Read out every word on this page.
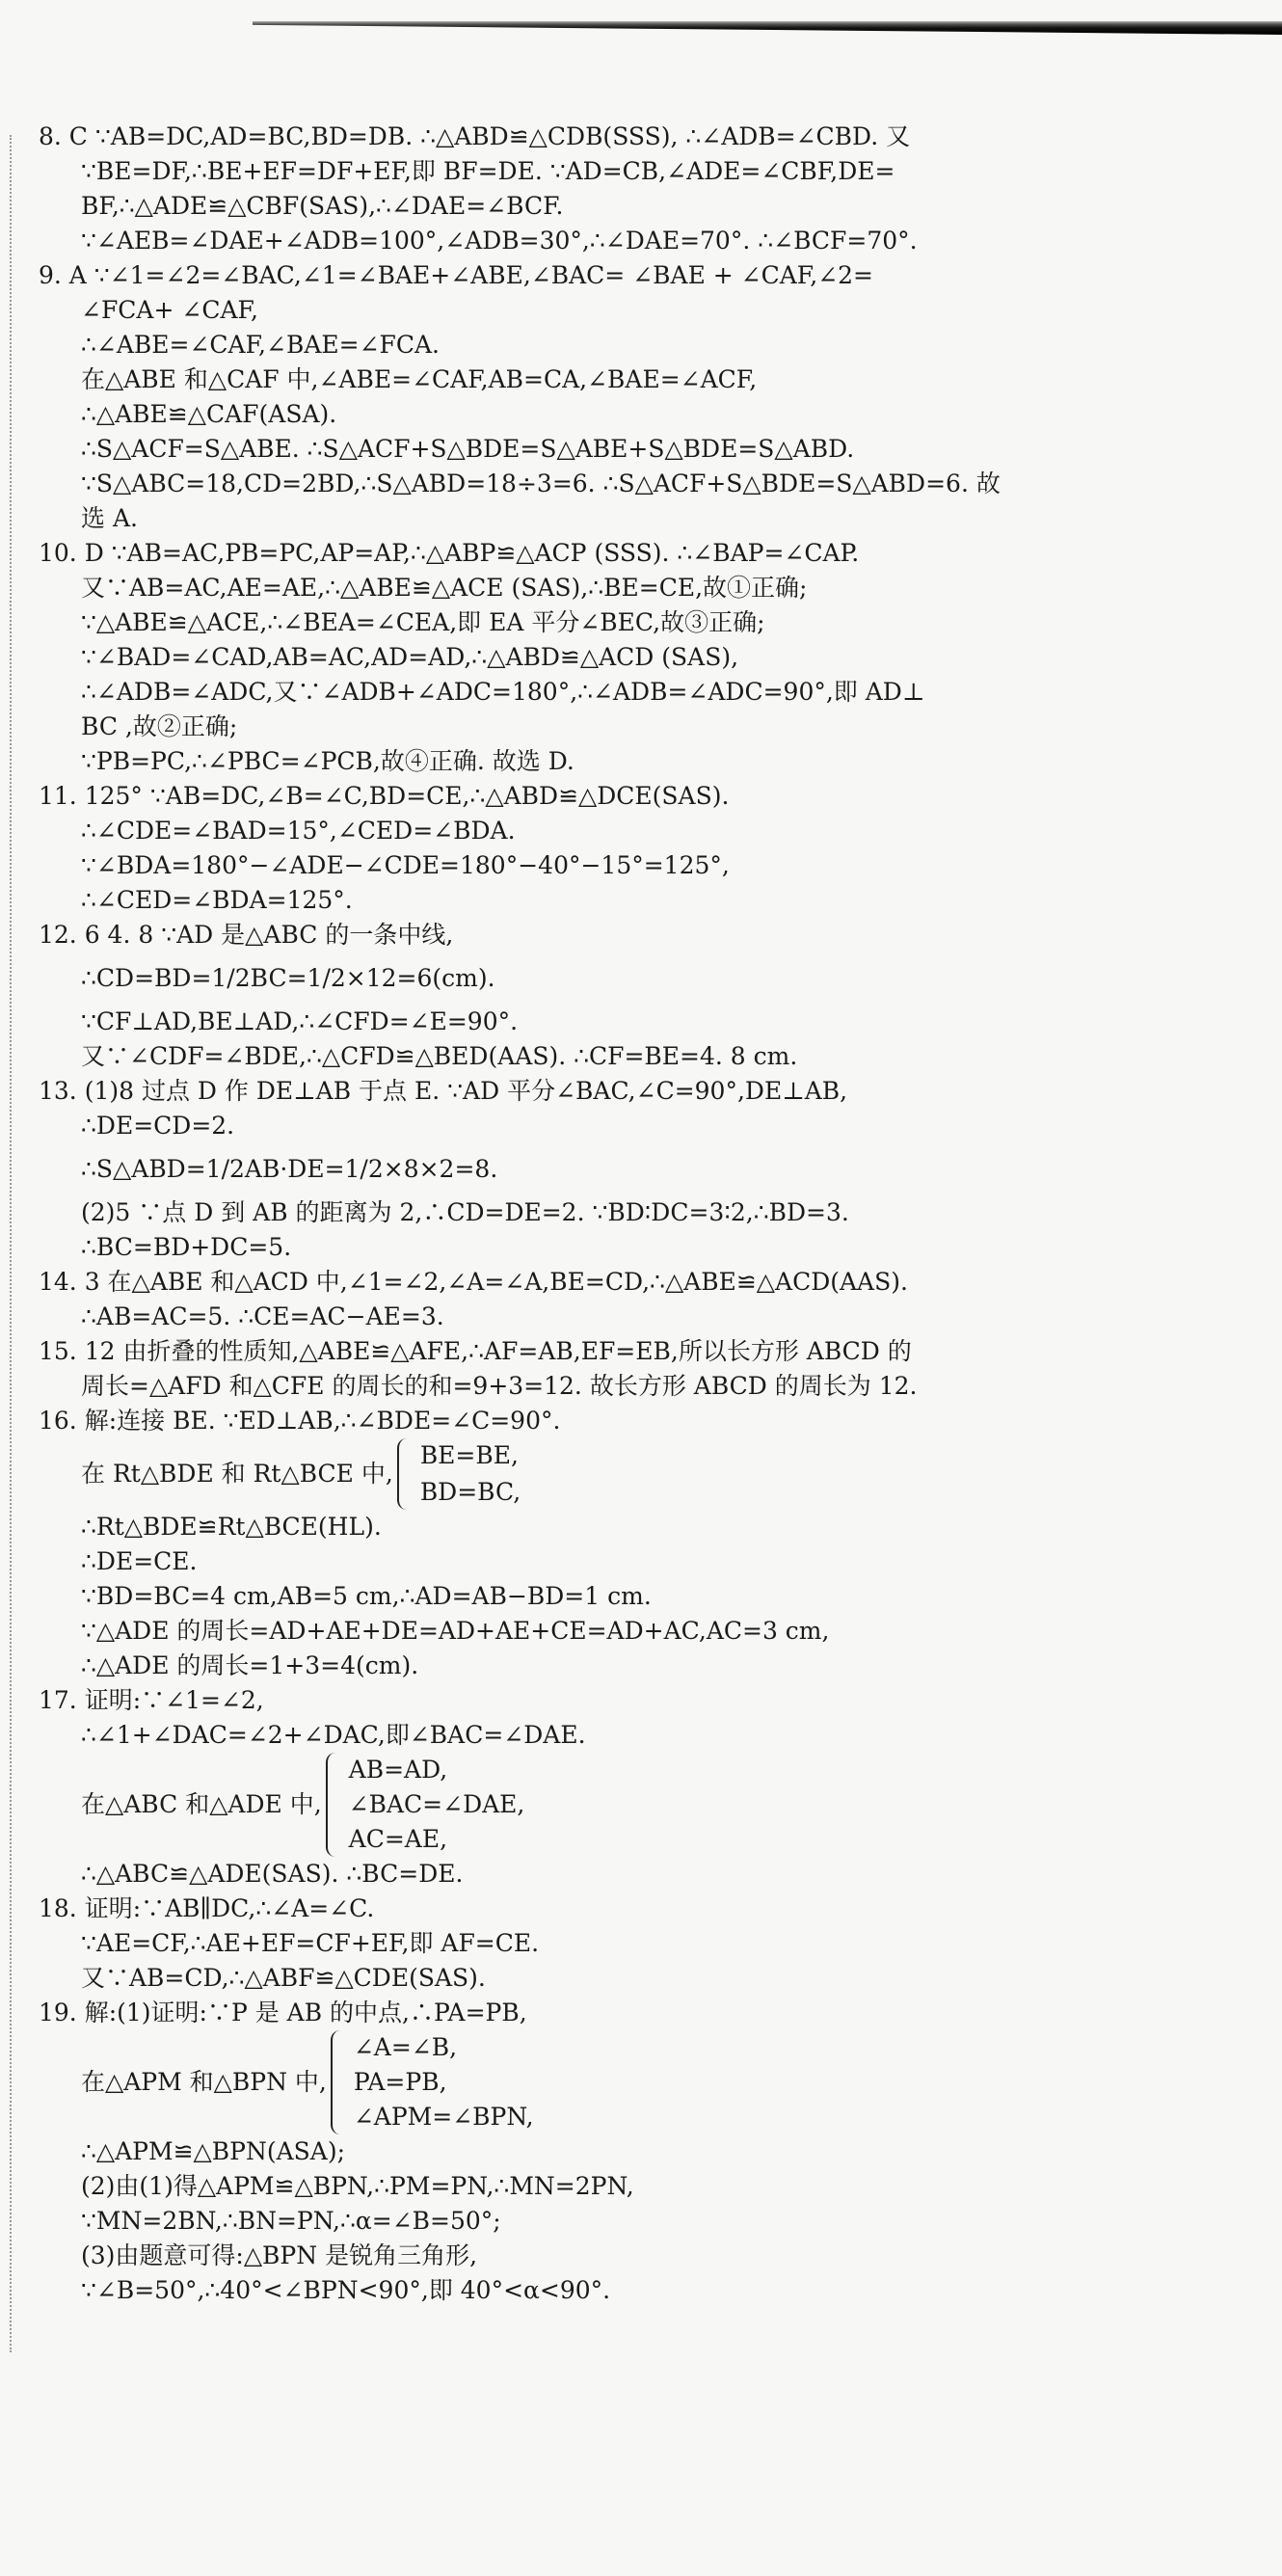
8. C ∵AB=DC,AD=BC,BD=DB. ∴△ABD≌△CDB(SSS), ∴∠ADB=∠CBD. 又
∵BE=DF,∴BE+EF=DF+EF,即 BF=DE. ∵AD=CB,∠ADE=∠CBF,DE=
BF,∴△ADE≌△CBF(SAS),∴∠DAE=∠BCF.
∵∠AEB=∠DAE+∠ADB=100°,∠ADB=30°,∴∠DAE=70°. ∴∠BCF=70°.
9. A ∵∠1=∠2=∠BAC,∠1=∠BAE+∠ABE,∠BAC= ∠BAE + ∠CAF,∠2=
∠FCA+ ∠CAF,
∴∠ABE=∠CAF,∠BAE=∠FCA.
在△ABE 和△CAF 中,∠ABE=∠CAF,AB=CA,∠BAE=∠ACF,
∴△ABE≌△CAF(ASA).
∴S△ACF=S△ABE. ∴S△ACF+S△BDE=S△ABE+S△BDE=S△ABD.
∵S△ABC=18,CD=2BD,∴S△ABD=18÷3=6. ∴S△ACF+S△BDE=S△ABD=6. 故
选 A.
10. D ∵AB=AC,PB=PC,AP=AP,∴△ABP≌△ACP (SSS). ∴∠BAP=∠CAP.
又∵AB=AC,AE=AE,∴△ABE≌△ACE (SAS),∴BE=CE,故①正确;
∵△ABE≌△ACE,∴∠BEA=∠CEA,即 EA 平分∠BEC,故③正确;
∵∠BAD=∠CAD,AB=AC,AD=AD,∴△ABD≌△ACD (SAS),
∴∠ADB=∠ADC,又∵∠ADB+∠ADC=180°,∴∠ADB=∠ADC=90°,即 AD⊥
BC ,故②正确;
∵PB=PC,∴∠PBC=∠PCB,故④正确. 故选 D.
11. 125° ∵AB=DC,∠B=∠C,BD=CE,∴△ABD≌△DCE(SAS).
∴∠CDE=∠BAD=15°,∠CED=∠BDA.
∵∠BDA=180°−∠ADE−∠CDE=180°−40°−15°=125°,
∴∠CED=∠BDA=125°.
12. 6 4. 8 ∵AD 是△ABC 的一条中线,
∴CD=BD=1/2BC=1/2×12=6(cm).
∵CF⊥AD,BE⊥AD,∴∠CFD=∠E=90°.
又∵∠CDF=∠BDE,∴△CFD≌△BED(AAS). ∴CF=BE=4. 8 cm.
13. (1)8 过点 D 作 DE⊥AB 于点 E. ∵AD 平分∠BAC,∠C=90°,DE⊥AB,
∴DE=CD=2.
∴S△ABD=1/2AB·DE=1/2×8×2=8.
(2)5 ∵点 D 到 AB 的距离为 2,∴CD=DE=2. ∵BD∶DC=3∶2,∴BD=3.
∴BC=BD+DC=5.
14. 3 在△ABE 和△ACD 中,∠1=∠2,∠A=∠A,BE=CD,∴△ABE≌△ACD(AAS).
∴AB=AC=5. ∴CE=AC−AE=3.
15. 12 由折叠的性质知,△ABE≌△AFE,∴AF=AB,EF=EB,所以长方形 ABCD 的
周长=△AFD 和△CFE 的周长的和=9+3=12. 故长方形 ABCD 的周长为 12.
16. 解:连接 BE. ∵ED⊥AB,∴∠BDE=∠C=90°.
在 Rt△BDE 和 Rt△BCE 中,
BE=BE,
BD=BC,
∴Rt△BDE≌Rt△BCE(HL).
∴DE=CE.
∵BD=BC=4 cm,AB=5 cm,∴AD=AB−BD=1 cm.
∵△ADE 的周长=AD+AE+DE=AD+AE+CE=AD+AC,AC=3 cm,
∴△ADE 的周长=1+3=4(cm).
17. 证明:∵∠1=∠2,
∴∠1+∠DAC=∠2+∠DAC,即∠BAC=∠DAE.
在△ABC 和△ADE 中,
AB=AD,
∠BAC=∠DAE,
AC=AE,
∴△ABC≌△ADE(SAS). ∴BC=DE.
18. 证明:∵AB∥DC,∴∠A=∠C.
∵AE=CF,∴AE+EF=CF+EF,即 AF=CE.
又∵AB=CD,∴△ABF≌△CDE(SAS).
19. 解:(1)证明:∵P 是 AB 的中点,∴PA=PB,
在△APM 和△BPN 中,
∠A=∠B,
PA=PB,
∠APM=∠BPN,
∴△APM≌△BPN(ASA);
(2)由(1)得△APM≌△BPN,∴PM=PN,∴MN=2PN,
∵MN=2BN,∴BN=PN,∴α=∠B=50°;
(3)由题意可得:△BPN 是锐角三角形,
∵∠B=50°,∴40°<∠BPN<90°,即 40°<α<90°.
